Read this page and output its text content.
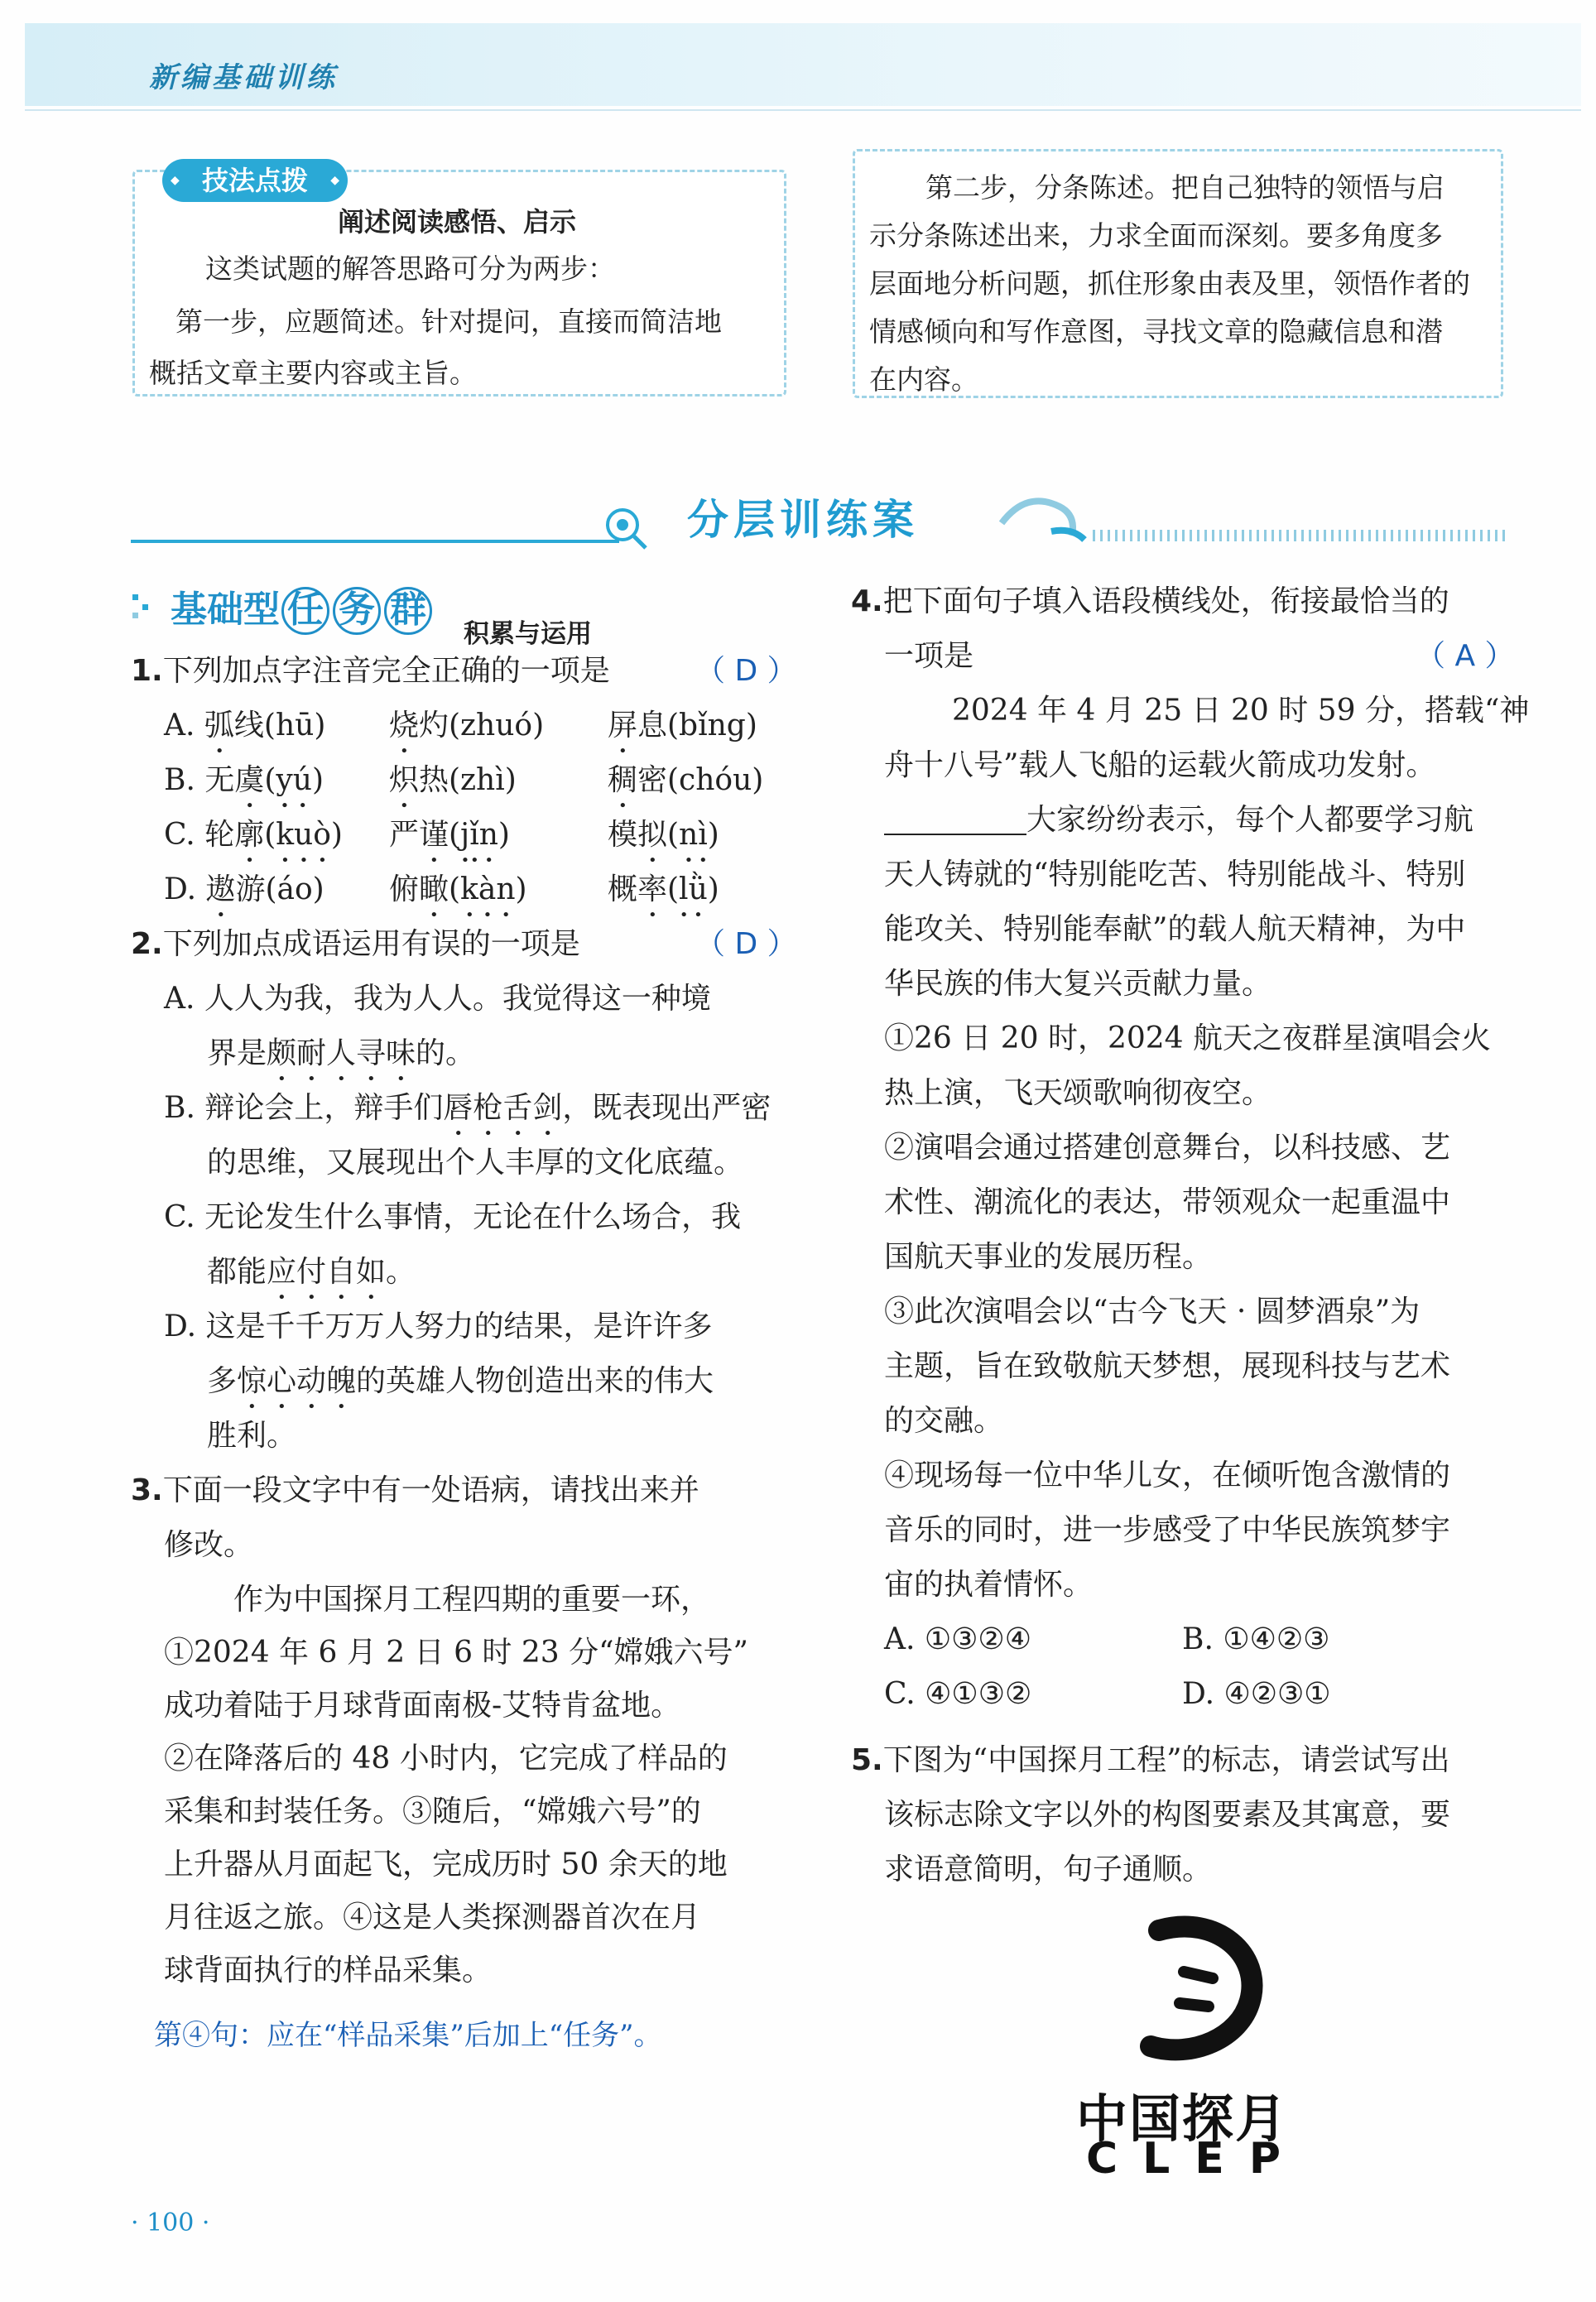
新编基础训练
◆ 技法点拨 ◆
阐述阅读感悟、启示
这类试题的解答思路可分为两步：
第一步，应题简述。针对提问，直接而简洁地
概括文章主要内容或主旨。
第二步，分条陈述。把自己独特的领悟与启
示分条陈述出来，力求全面而深刻。要多角度多
层面地分析问题，抓住形象由表及里，领悟作者的
情感倾向和写作意图，寻找文章的隐藏信息和潜
在内容。
分层训练案
基础型 任 务 群
积累与运用
1.下列加点字注音完全正确的一项是	（ D ）
A. 弧线(hū) 烧灼(zhuó) 屏息(bǐng)
B. 无虞(yú) 炽热(zhì)	稠密(chóu)
C. 轮廓(kuò) 严谨(jǐn)	模拟(nì)
D. 遨游(áo) 俯瞰(kàn)	概率(lǜ)
2.下列加点成语运用有误的一项是	（ D ）
A. 人人为我，我为人人。我觉得这一种境
界是颇耐人寻味的。
B. 辩论会上，辩手们唇枪舌剑，既表现出严密
的思维，又展现出个人丰厚的文化底蕴。
C. 无论发生什么事情，无论在什么场合，我
都能应付自如。
D. 这是千千万万人努力的结果，是许许多
多惊心动魄的英雄人物创造出来的伟大
胜利。
3.下面一段文字中有一处语病，请找出来并
修改。
作为中国探月工程四期的重要一环，
①2024 年 6 月 2 日 6 时 23 分“嫦娥六号”
成功着陆于月球背面南极-艾特肯盆地。
②在降落后的 48 小时内，它完成了样品的
采集和封装任务。③随后，“嫦娥六号”的
上升器从月面起飞，完成历时 50 余天的地
月往返之旅。④这是人类探测器首次在月
球背面执行的样品采集。
第④句：应在“样品采集”后加上“任务”。
4.把下面句子填入语段横线处，衔接最恰当的
一项是	（ A ）
2024 年 4 月 25 日 20 时 59 分，搭载“神
舟十八号”载人飞船的运载火箭成功发射。
大家纷纷表示，每个人都要学习航
天人铸就的“特别能吃苦、特别能战斗、特别
能攻关、特别能奉献”的载人航天精神，为中
华民族的伟大复兴贡献力量。
①26 日 20 时，2024 航天之夜群星演唱会火
热上演，飞天颂歌响彻夜空。
②演唱会通过搭建创意舞台，以科技感、艺
术性、潮流化的表达，带领观众一起重温中
国航天事业的发展历程。
③此次演唱会以“古今飞天 · 圆梦酒泉”为
主题，旨在致敬航天梦想，展现科技与艺术
的交融。
④现场每一位中华儿女，在倾听饱含激情的
音乐的同时，进一步感受了中华民族筑梦宇
宙的执着情怀。
A. ①③②④	B. ①④②③
C. ④①③②	D. ④②③①
5.下图为“中国探月工程”的标志，请尝试写出
该标志除文字以外的构图要素及其寓意，要
求语意简明，句子通顺。
中国探月
CLEP
· 100 ·
